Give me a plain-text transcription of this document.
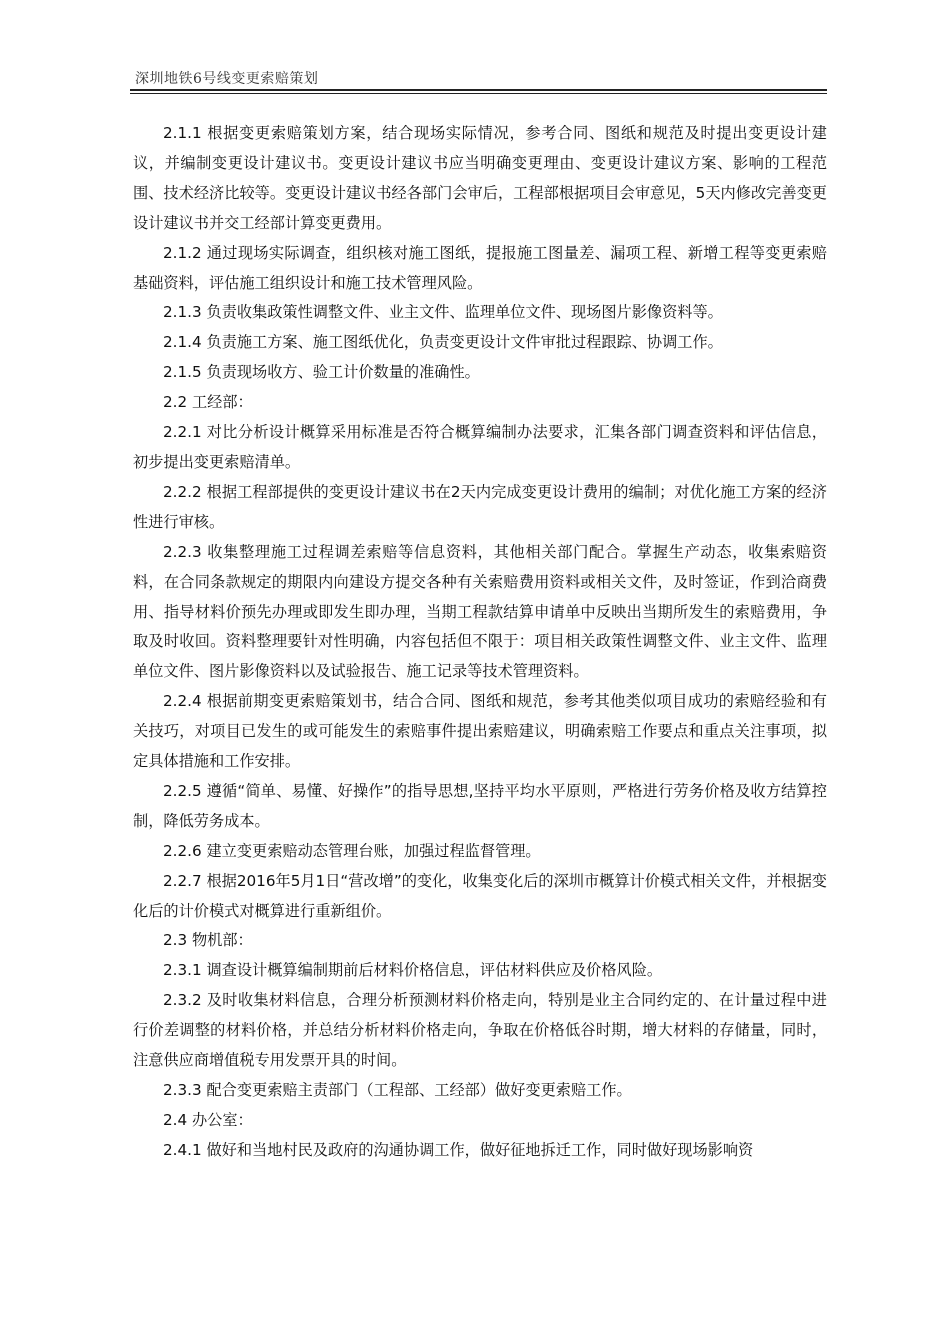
深圳地铁6号线变更索赔策划

2.1.1 根据变更索赔策划方案，结合现场实际情况，参考合同、图纸和规范及时提出变更设计建议，并编制变更设计建议书。变更设计建议书应当明确变更理由、变更设计建议方案、影响的工程范围、技术经济比较等。变更设计建议书经各部门会审后，工程部根据项目会审意见，5天内修改完善变更设计建议书并交工经部计算变更费用。

2.1.2 通过现场实际调查，组织核对施工图纸，提报施工图量差、漏项工程、新增工程等变更索赔基础资料，评估施工组织设计和施工技术管理风险。

2.1.3 负责收集政策性调整文件、业主文件、监理单位文件、现场图片影像资料等。

2.1.4 负责施工方案、施工图纸优化，负责变更设计文件审批过程跟踪、协调工作。

2.1.5 负责现场收方、验工计价数量的准确性。

2.2 工经部：

2.2.1 对比分析设计概算采用标准是否符合概算编制办法要求，汇集各部门调查资料和评估信息，初步提出变更索赔清单。

2.2.2 根据工程部提供的变更设计建议书在2天内完成变更设计费用的编制；对优化施工方案的经济性进行审核。

2.2.3 收集整理施工过程调差索赔等信息资料，其他相关部门配合。掌握生产动态，收集索赔资料，在合同条款规定的期限内向建设方提交各种有关索赔费用资料或相关文件，及时签证，作到洽商费用、指导材料价预先办理或即发生即办理，当期工程款结算申请单中反映出当期所发生的索赔费用，争取及时收回。资料整理要针对性明确，内容包括但不限于：项目相关政策性调整文件、业主文件、监理单位文件、图片影像资料以及试验报告、施工记录等技术管理资料。

2.2.4 根据前期变更索赔策划书，结合合同、图纸和规范，参考其他类似项目成功的索赔经验和有关技巧，对项目已发生的或可能发生的索赔事件提出索赔建议，明确索赔工作要点和重点关注事项，拟定具体措施和工作安排。

2.2.5 遵循“简单、易懂、好操作”的指导思想,坚持平均水平原则，严格进行劳务价格及收方结算控制，降低劳务成本。

2.2.6 建立变更索赔动态管理台账，加强过程监督管理。

2.2.7 根据2016年5月1日“营改增”的变化，收集变化后的深圳市概算计价模式相关文件，并根据变化后的计价模式对概算进行重新组价。

2.3 物机部：

2.3.1 调查设计概算编制期前后材料价格信息，评估材料供应及价格风险。

2.3.2 及时收集材料信息，合理分析预测材料价格走向，特别是业主合同约定的、在计量过程中进行价差调整的材料价格，并总结分析材料价格走向，争取在价格低谷时期，增大材料的存储量，同时，注意供应商增值税专用发票开具的时间。

2.3.3 配合变更索赔主责部门（工程部、工经部）做好变更索赔工作。

2.4 办公室：

2.4.1 做好和当地村民及政府的沟通协调工作，做好征地拆迁工作，同时做好现场影响资
